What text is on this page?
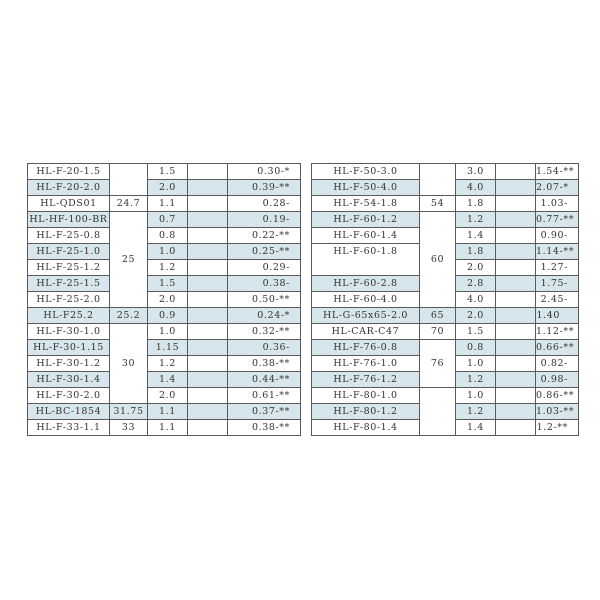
HL-F-20-1.5		1.5		0.30-*
HL-F-20-2.0		2.0		0.39-**
HL-QDS01	24.7	1.1		0.28-
HL-HF-100-BR	25	0.7		0.19-
HL-F-25-0.8		0.8		0.22-**
HL-F-25-1.0		1.0		0.25-**
HL-F-25-1.2		1.2		0.29-
HL-F-25-1.5		1.5		0.38-
HL-F-25-2.0		2.0		0.50-**
HL-F25.2	25.2	0.9		0.24-*
HL-F-30-1.0	30	1.0		0.32-**
HL-F-30-1.15		1.15		0.36-
HL-F-30-1.2		1.2		0.38-**
HL-F-30-1.4		1.4		0.44-**
HL-F-30-2.0		2.0		0.61-**
HL-BC-1854	31.75	1.1		0.37-**
HL-F-33-1.1	33	1.1		0.38-**
HL-F-50-3.0		3.0		1.54-**
HL-F-50-4.0		4.0		2.07-*
HL-F-54-1.8	54	1.8		1.03-
HL-F-60-1.2	60	1.2		0.77-**
HL-F-60-1.4		1.4		0.90-
HL-F-60-1.8		1.8		1.14-**
		2.0		1.27-
HL-F-60-2.8		2.8		1.75-
HL-F-60-4.0		4.0		2.45-
HL-G-65x65-2.0	65	2.0		1.40
HL-CAR-C47	70	1.5		1.12-**
HL-F-76-0.8	76	0.8		0.66-**
HL-F-76-1.0		1.0		0.82-
HL-F-76-1.2		1.2		0.98-
HL-F-80-1.0		1.0		0.86-**
HL-F-80-1.2		1.2		1.03-**
HL-F-80-1.4		1.4		1.2-**
